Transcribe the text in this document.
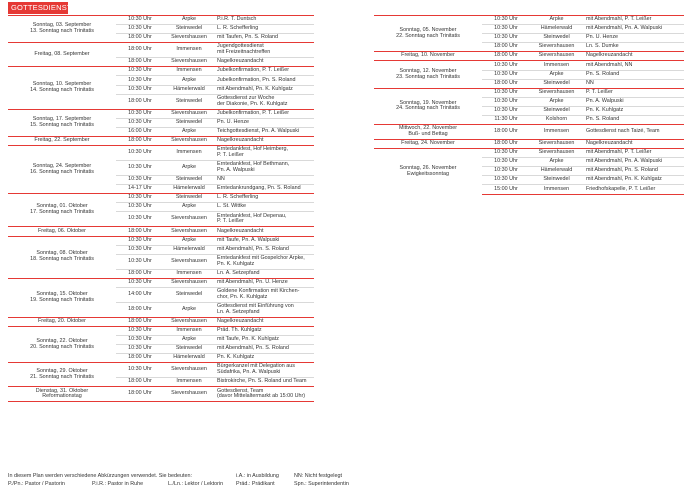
GOTTESDIENSTE
Sonntag, 03. September
13. Sonntag nach Trinitatis	10:30 Uhr	Arpke	P.i.R. T. Duntsch
	10:30 Uhr	Steinwedel	L. R. Schefferling
	18:00 Uhr	Sievershausen	mit Taufen, Pn. S. Roland
Freitag, 08. September	18:00 Uhr	Immensen	Jugendgottesdienst
mit Freizeitnachtreffen
	18:00 Uhr	Sievershausen	Nagelkreuzandacht
Sonntag, 10. September
14. Sonntag nach Trinitatis	10:30 Uhr	Immensen	Jubelkonfirmation, P. T. Leißer
	10:30 Uhr	Arpke	Jubelkonfirmation, Pn. S. Roland
	10:30 Uhr	Hämelerwald	mit Abendmahl, Pn. K. Kuhlgatz
	18:00 Uhr	Steinwedel	Gottesdienst zur Woche
der Diakonie, Pn. K. Kuhlgatz
Sonntag, 17. September
15. Sonntag nach Trinitatis	10:30 Uhr	Sievershausen	Jubelkonfirmation, P. T. Leißer
	10:30 Uhr	Steinwedel	Pn. U. Henze
	16:00 Uhr	Arpke	Teichgottesdienst, Pn. A. Walpuski
Freitag, 22. September	18:00 Uhr	Sievershausen	Nagelkreuzandacht
Sonntag, 24. September
16. Sonntag nach Trinitatis	10:30 Uhr	Immensen	Erntedankfest, Hof Heimberg,
P. T. Leißer
	10:30 Uhr	Arpke	Erntedankfest, Hof Bethmann,
Pn. A. Walpuski
	10:30 Uhr	Steinwedel	NN
	14-17 Uhr	Hämelerwald	Erntedankrundgang, Pn. S. Roland
Sonntag, 01. Oktober
17. Sonntag nach Trinitatis	10:30 Uhr	Steinwedel	L. R. Schefferling
	10:30 Uhr	Arpke	L. St. Wittke
	10:30 Uhr	Sievershausen	Erntedankfest, Hof Depenau,
P. T. Leißer
Freitag, 06. Oktober	18:00 Uhr	Sievershausen	Nagelkreuzandacht
Sonntag, 08. Oktober
18. Sonntag nach Trinitatis	10:30 Uhr	Arpke	mit Taufe, Pn. A. Walpuski
	10:30 Uhr	Hämelerwald	mit Abendmahl, Pn. S. Roland
	10:30 Uhr	Sievershausen	Erntedankfest mit Gospelchor Arpke,
Pn. K. Kuhlgatz
	18:00 Uhr	Immensen	Ln. A. Setzepfand
Sonntag, 15. Oktober
19. Sonntag nach Trinitatis	10:30 Uhr	Sievershausen	mit Abendmahl, Pn. U. Henze
	14:00 Uhr	Steinwedel	Goldene Konfirmation mit Kirchen-
chor, Pn. K. Kuhlgatz
	18:00 Uhr	Arpke	Gottesdienst mit Einführung von
Ln. A. Setzepfand
Freitag, 20. Oktober	18:00 Uhr	Sievershausen	Nagelkreuzandacht
Sonntag, 22. Oktober
20. Sonntag nach Trinitatis	10:30 Uhr	Immensen	Präd. Th. Kuhlgatz
	10:30 Uhr	Arpke	mit Taufe, Pn. K. Kuhlgatz
	10:30 Uhr	Steinwedel	mit Abendmahl, Pn. S. Roland
	18:00 Uhr	Hämelerwald	Pn. K. Kuhlgatz
Sonntag, 29. Oktober
21. Sonntag nach Trinitatis	10:30 Uhr	Sievershausen	Bürgerkanzel mit Delegation aus
Südafrika, Pn. A. Walpuski
	18:00 Uhr	Immensen	Bistrokirche, Pn. S. Roland und Team
Dienstag, 31. Oktober
Reformationstag	18:00 Uhr	Sievershausen	Gottesdienst, Team
(davor Mittelaltermarkt ab 15:00 Uhr)
Sonntag, 05. November
22. Sonntag nach Trinitatis	10:30 Uhr	Arpke	mit Abendmahl, P. T. Leißer
	10:30 Uhr	Hämelerwald	mit Abendmahl, Pn. A. Walpuski
	10:30 Uhr	Steinwedel	Pn. U. Henze
	18:00 Uhr	Sievershausen	Ln. S. Dumke
Freitag, 10. November	18:00 Uhr	Sievershausen	Nagelkreuzandacht
Sonntag, 12. November
23. Sonntag nach Trinitatis	10:30 Uhr	Immensen	mit Abendmahl, NN
	10:30 Uhr	Arpke	Pn. S. Roland
	18:00 Uhr	Steinwedel	NN
Sonntag, 19. November
24. Sonntag nach Trinitatis	10:30 Uhr	Sievershausen	P. T. Leißer
	10:30 Uhr	Arpke	Pn. A. Walpuski
	10:30 Uhr	Steinwedel	Pn. K. Kuhlgatz
	11:30 Uhr	Kolshorn	Pn. S. Roland
Mittwoch, 22. November
Buß- und Bettag	18:00 Uhr	Immensen	Gottesdienst nach Taizé, Team
Freitag, 24. November	18:00 Uhr	Sievershausen	Nagelkreuzandacht
Sonntag, 26. November
Ewigkeitssonntag	10:30 Uhr	Sievershausen	mit Abendmahl, P. T. Leißer
	10:30 Uhr	Arpke	mit Abendmahl, Pn. A. Walpuski
	10:30 Uhr	Hämelerwald	mit Abendmahl, Pn. S. Roland
	10:30 Uhr	Steinwedel	mit Abendmahl, Pn. K. Kuhlgatz
	15:00 Uhr	Immensen	Friedhofskapelle, P. T. Leißer
In diesem Plan werden verschiedene Abkürzungen verwendet. Sie bedeuten:	i.A.: in Ausbildung	NN: Nicht festgelegt
P./Pn.: Pastor / Pastorin	P.i.R.: Pastor in Ruhe	L./Ln.: Lektor / Lektorin Präd.: Prädikant	Spn.: Superintendentin
